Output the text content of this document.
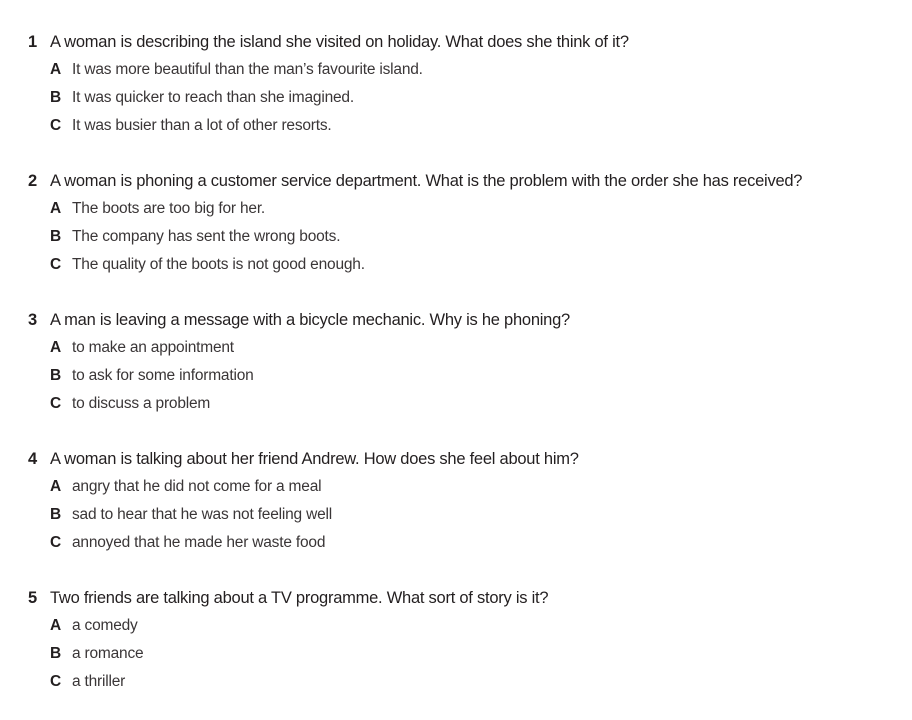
1 A woman is describing the island she visited on holiday. What does she think of it?
A It was more beautiful than the man’s favourite island.
B It was quicker to reach than she imagined.
C It was busier than a lot of other resorts.
2 A woman is phoning a customer service department. What is the problem with the order she has received?
A The boots are too big for her.
B The company has sent the wrong boots.
C The quality of the boots is not good enough.
3 A man is leaving a message with a bicycle mechanic. Why is he phoning?
A to make an appointment
B to ask for some information
C to discuss a problem
4 A woman is talking about her friend Andrew. How does she feel about him?
A angry that he did not come for a meal
B sad to hear that he was not feeling well
C annoyed that he made her waste food
5 Two friends are talking about a TV programme. What sort of story is it?
A a comedy
B a romance
C a thriller
